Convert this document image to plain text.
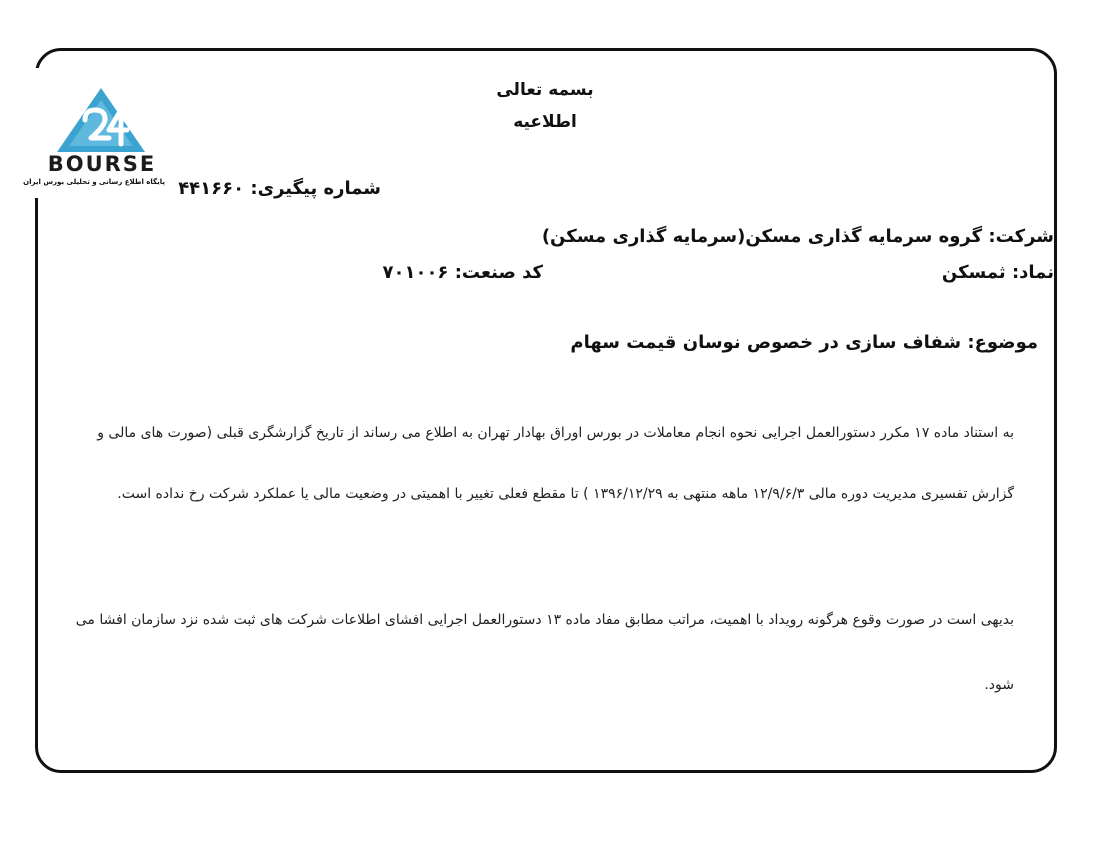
BOURSE
پایگاه اطلاع رسانی و تحلیلی بورس ایران
بسمه تعالی
اطلاعیه
شماره پیگیری: ۴۴۱۶۶۰
شرکت: گروه سرمایه گذاری مسکن(سرمایه گذاری مسکن)
نماد: ثمسکن
کد صنعت: ۷۰۱۰۰۶
موضوع: شفاف سازی در خصوص نوسان قیمت سهام
به استناد ماده ۱۷ مکرر دستورالعمل اجرایی نحوه انجام معاملات در بورس اوراق بهادار تهران به اطلاع می رساند از تاریخ گزارشگری قبلی (صورت های مالی و
گزارش تفسیری مدیریت دوره مالی ۱۲/۹/۶/۳ ماهه منتهی به ۱۳۹۶/۱۲/۲۹ ) تا مقطع فعلی تغییر با اهمیتی در وضعیت مالی یا عملکرد شرکت رخ نداده است.
بدیهی است در صورت وقوع هرگونه رویداد با اهمیت، مراتب مطابق مفاد ماده ۱۳ دستورالعمل اجرایی افشای اطلاعات شرکت های ثبت شده نزد سازمان افشا می
شود.
